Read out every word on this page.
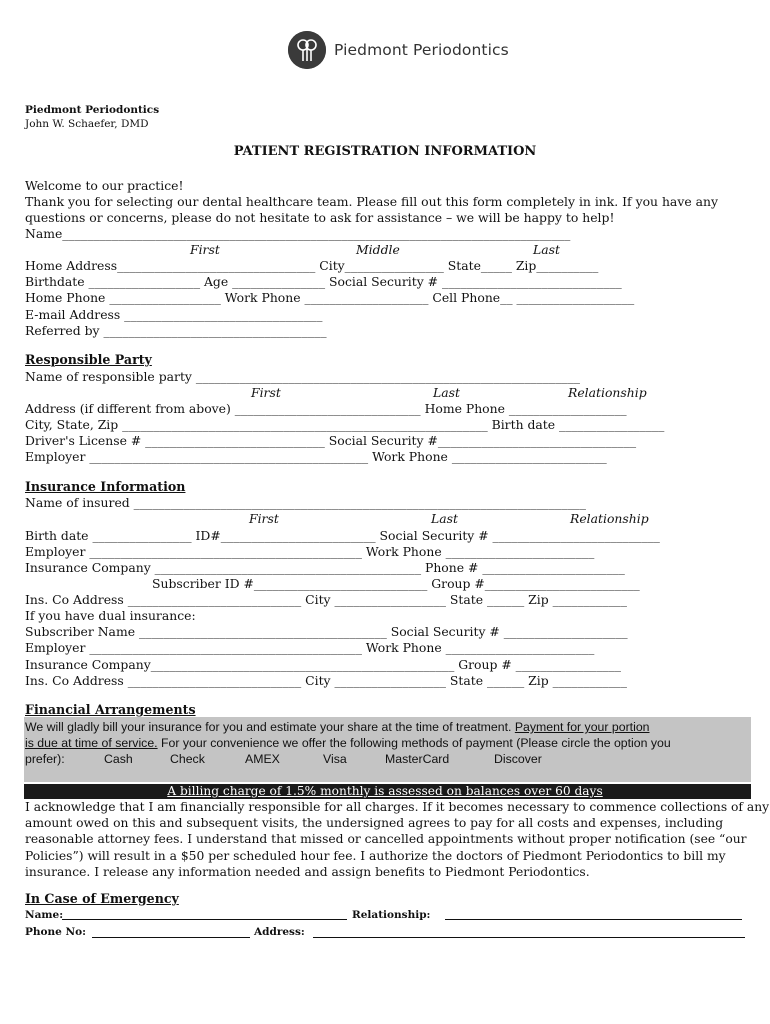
Piedmont Periodontics
Piedmont Periodontics
John W. Schaefer, DMD
PATIENT REGISTRATION INFORMATION
Welcome to our practice!
Thank you for selecting our dental healthcare team. Please fill out this form completely in ink. If you have any
questions or concerns, please do not hesitate to ask for assistance – we will be happy to help!
Name__________________________________________________________________________________
First	Middle	Last
Home Address________________________________ City________________ State_____ Zip__________
Birthdate __________________ Age _______________ Social Security # _____________________________
Home Phone __________________ Work Phone ____________________ Cell Phone__ ___________________
E-mail Address ________________________________
Referred by ____________________________________
Responsible Party
Name of responsible party ______________________________________________________________
First	Last	Relationship
Address (if different from above) ______________________________ Home Phone ___________________
City, State, Zip ___________________________________________________________ Birth date _________________
Driver's License # _____________________________ Social Security #________________________________
Employer _____________________________________________ Work Phone _________________________
Insurance Information
Name of insured _________________________________________________________________________
First	Last	Relationship
Birth date ________________ ID#_________________________ Social Security # ___________________________
Employer ____________________________________________ Work Phone ________________________
Insurance Company ___________________________________________ Phone # _______________________
Subscriber ID #____________________________ Group #_________________________
Ins. Co Address ____________________________ City __________________ State ______ Zip ____________
If you have dual insurance:
Subscriber Name ________________________________________ Social Security # ____________________
Employer ____________________________________________ Work Phone ________________________
Insurance Company_________________________________________________ Group # _________________
Ins. Co Address ____________________________ City __________________ State ______ Zip ____________
Financial Arrangements
We will gladly bill your insurance for you and estimate your share at the time of treatment. Payment for your portion
is due at time of service. For your convenience we offer the following methods of payment (Please circle the option you
prefer):	Cash	Check	AMEX	Visa	MasterCard	Discover
A billing charge of 1.5% monthly is assessed on balances over 60 days
I acknowledge that I am financially responsible for all charges. If it becomes necessary to commence collections of any
amount owed on this and subsequent visits, the undersigned agrees to pay for all costs and expenses, including
reasonable attorney fees. I understand that missed or cancelled appointments without proper notification (see “our
Policies”) will result in a $50 per scheduled hour fee. I authorize the doctors of Piedmont Periodontics to bill my
insurance. I release any information needed and assign benefits to Piedmont Periodontics.
In Case of Emergency
Name:	Relationship:
Phone No:	Address:
